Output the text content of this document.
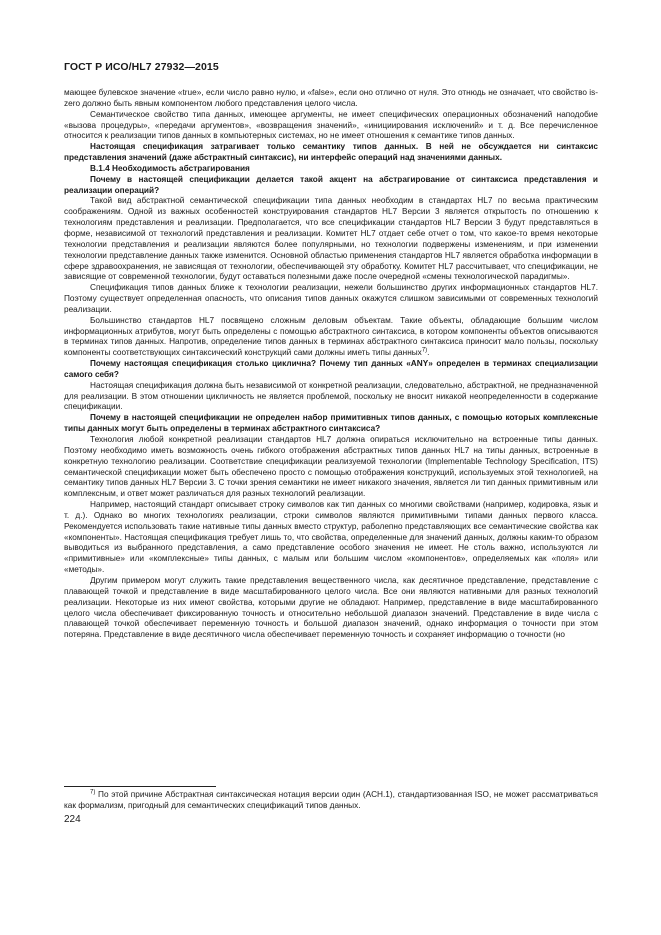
ГОСТ Р ИСО/HL7 27932—2015

мающее булевское значение «true», если число равно нулю, и «false», если оно отлично от нуля. Это отнюдь не означает, что свойство is-zero должно быть явным компонентом любого представления целого числа.

Семантическое свойство типа данных, имеющее аргументы, не имеет специфических операционных обозначений наподобие «вызова процедуры», «передачи аргументов», «возвращения значений», «инициирования исключений» и т. д. Все перечисленное относится к реализации типов данных в компьютерных системах, но не имеет отношения к семантике типов данных.

Настоящая спецификация затрагивает только семантику типов данных. В ней не обсуждается ни синтаксис представления значений (даже абстрактный синтаксис), ни интерфейс операций над значениями данных.

B.1.4 Необходимость абстрагирования

Почему в настоящей спецификации делается такой акцент на абстрагирование от синтаксиса представления и реализации операций?

Такой вид абстрактной семантической спецификации типа данных необходим в стандартах HL7 по весьма практическим соображениям. Одной из важных особенностей конструирования стандартов HL7 Версии 3 является открытость по отношению к технологиям представления и реализации. Предполагается, что все спецификации стандартов HL7 Версии 3 будут представляться в форме, независимой от технологий представления и реализации. Комитет HL7 отдает себе отчет о том, что какое-то время некоторые технологии представления и реализации являются более популярными, но технологии подвержены изменениям, и при изменении технологии представление данных также изменится. Основной областью применения стандартов HL7 является обработка информации в сфере здравоохранения, не зависящая от технологии, обеспечивающей эту обработку. Комитет HL7 рассчитывает, что спецификации, не зависящие от современной технологии, будут оставаться полезными даже после очередной «смены технологической парадигмы».

Спецификация типов данных ближе к технологии реализации, нежели большинство других информационных стандартов HL7. Поэтому существует определенная опасность, что описания типов данных окажутся слишком зависимыми от современных технологий реализации.

Большинство стандартов HL7 посвящено сложным деловым объектам. Такие объекты, обладающие большим числом информационных атрибутов, могут быть определены с помощью абстрактного синтаксиса, в котором компоненты объектов описываются в терминах типов данных. Напротив, определение типов данных в терминах абстрактного синтаксиса приносит мало пользы, поскольку компоненты соответствующих синтаксический конструкций сами должны иметь типы данных$^{7)}$.

Почему настоящая спецификация столько циклична? Почему тип данных «ANY» определен в терминах специализации самого себя?

Настоящая спецификация должна быть независимой от конкретной реализации, следовательно, абстрактной, не предназначенной для реализации. В этом отношении цикличность не является проблемой, поскольку не вносит никакой неопределенности в содержание спецификации.

Почему в настоящей спецификации не определен набор примитивных типов данных, с помощью которых комплексные типы данных могут быть определены в терминах абстрактного синтаксиса?

Технология любой конкретной реализации стандартов HL7 должна опираться исключительно на встроенные типы данных. Поэтому необходимо иметь возможность очень гибкого отображения абстрактных типов данных HL7 на типы данных, встроенные в конкретную технологию реализации. Соответствие спецификации реализуемой технологии (Implementable Technology Specification, ITS) семантической спецификации может быть обеспечено просто с помощью отображения конструкций, используемых этой технологией, на семантику типов данных HL7 Версии 3. С точки зрения семантики не имеет никакого значения, является ли тип данных примитивным или комплексным, и ответ может различаться для разных технологий реализации.

Например, настоящий стандарт описывает строку символов как тип данных со многими свойствами (например, кодировка, язык и т. д.). Однако во многих технологиях реализации, строки символов являются примитивными типами данных первого класса. Рекомендуется использовать такие нативные типы данных вместо структур, раболепно представляющих все семантические свойства как «компоненты». Настоящая спецификация требует лишь то, что свойства, определенные для значений данных, должны каким-то образом выводиться из выбранного представления, а само представление особого значения не имеет. Не столь важно, используются ли «примитивные» или «комплексные» типы данных, с малым или большим числом «компонентов», определяемых как «поля» или «методы».

Другим примером могут служить такие представления вещественного числа, как десятичное представление, представление с плавающей точкой и представление в виде масштабированного целого числа. Все они являются нативными для разных технологий реализации. Некоторые из них имеют свойства, которыми другие не обладают. Например, представление в виде масштабированного целого числа обеспечивает фиксированную точность и относительно небольшой диапазон значений. Представление в виде числа с плавающей точкой обеспечивает переменную точность и большой диапазон значений, однако информация о точности при этом потеряна. Представление в виде десятичного числа обеспечивает переменную точность и сохраняет информацию о точности (но

$^{7)}$ По этой причине Абстрактная синтаксическая нотация версии один (ACH.1), стандартизованная ISO, не может рассматриваться как формализм, пригодный для семантических спецификаций типов данных.

224
